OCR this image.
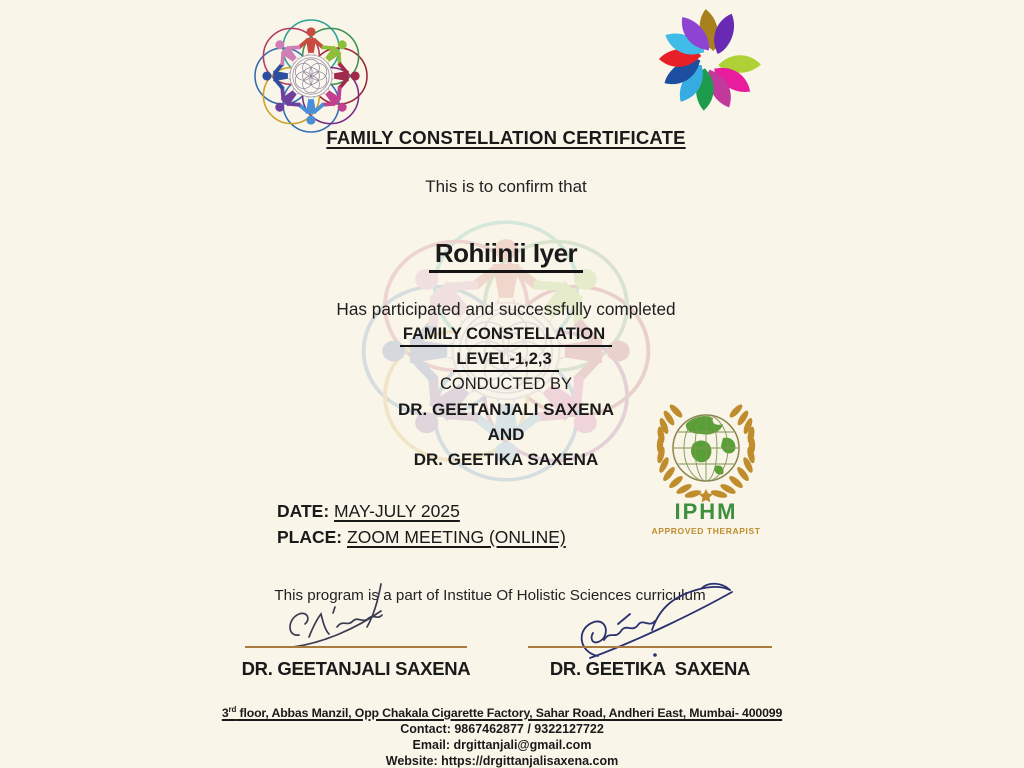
FAMILY CONSTELLATION CERTIFICATE
This is to confirm that
Rohiinii Iyer
Has participated and successfully completed
FAMILY CONSTELLATION
LEVEL-1,2,3
CONDUCTED BY
DR. GEETANJALI SAXENA
AND
DR. GEETIKA SAXENA
DATE: MAY-JULY 2025
PLACE: ZOOM MEETING (ONLINE)
IPHM
APPROVED THERAPIST
This program is a part of Institue Of Holistic Sciences curriculum
DR. GEETANJALI SAXENA	DR. GEETIKA  SAXENA
3rd floor, Abbas Manzil, Opp Chakala Cigarette Factory, Sahar Road, Andheri East, Mumbai- 400099
Contact: 9867462877 / 9322127722
Email: drgittanjali@gmail.com
Website: https://drgittanjalisaxena.com
